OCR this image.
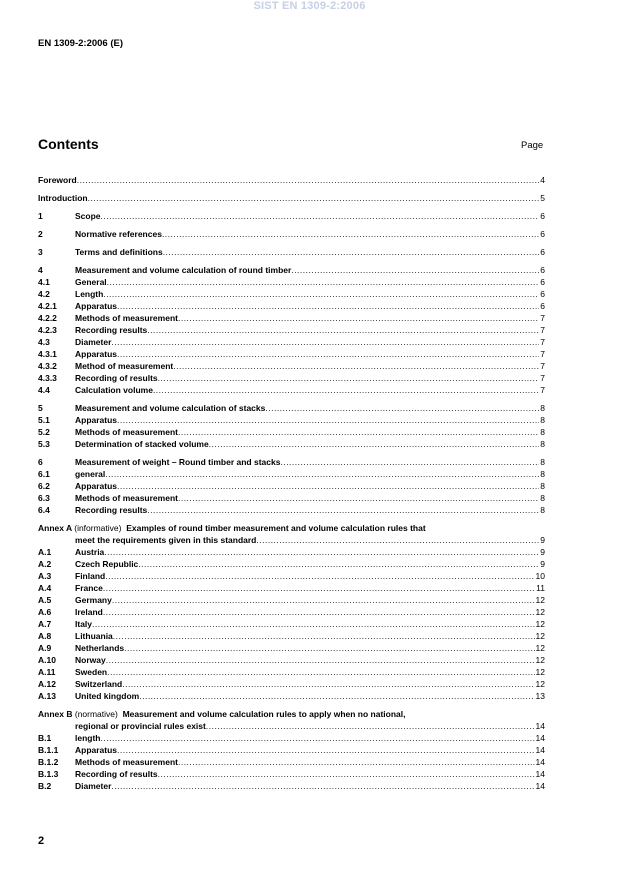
SIST EN 1309-2:2006
EN 1309-2:2006 (E)
Contents	Page
Foreword .....	4
Introduction .....	5
1	Scope .....	6
2	Normative references .....	6
3	Terms and definitions .....	6
4	Measurement and volume calculation of round timber .....	6
4.1	General .....	6
4.2	Length .....	6
4.2.1	Apparatus .....	6
4.2.2	Methods of measurement .....	7
4.2.3	Recording results .....	7
4.3	Diameter .....	7
4.3.1	Apparatus .....	7
4.3.2	Method of measurement .....	7
4.3.3	Recording of results .....	7
4.4	Calculation volume .....	7
5	Measurement and volume calculation of stacks .....	8
5.1	Apparatus .....	8
5.2	Methods of measurement .....	8
5.3	Determination of stacked volume .....	8
6	Measurement of weight – Round timber and stacks .....	8
6.1	general .....	8
6.2	Apparatus .....	8
6.3	Methods of measurement .....	8
6.4	Recording results .....	8
Annex A (informative) Examples of round timber measurement and volume calculation rules that
meet the requirements given in this standard .....	9
A.1	Austria .....	9
A.2	Czech Republic .....	9
A.3	Finland .....	10
A.4	France .....	11
A.5	Germany .....	12
A.6	Ireland .....	12
A.7	Italy .....	12
A.8	Lithuania .....	12
A.9	Netherlands .....	12
A.10	Norway .....	12
A.11	Sweden .....	12
A.12	Switzerland .....	12
A.13	United kingdom .....	13
Annex B (normative) Measurement and volume calculation rules to apply when no national,
regional or provincial rules exist .....	14
B.1	length .....	14
B.1.1	Apparatus .....	14
B.1.2	Methods of measurement .....	14
B.1.3	Recording of results .....	14
B.2	Diameter .....	14
2
